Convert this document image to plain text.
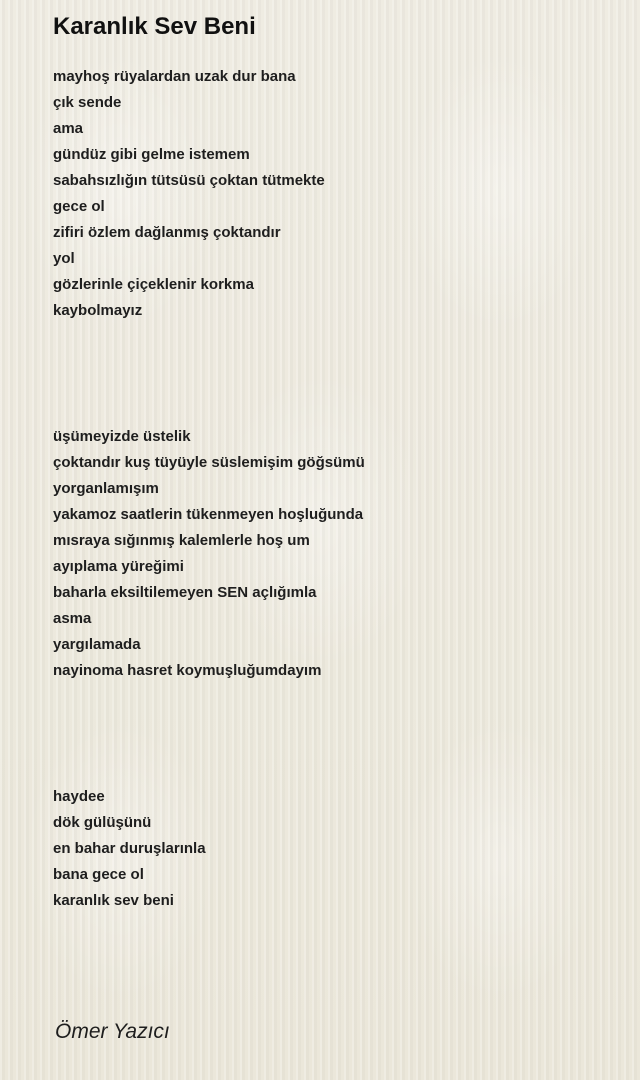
Karanlık Sev Beni
mayhoş rüyalardan uzak dur bana
çık sende
ama
gündüz gibi gelme istemem
sabahsızlığın tütsüsü çoktan tütmekte
gece ol
zifiri özlem dağlanmış çoktandır
yol
gözlerinle çiçeklenir korkma
kaybolmayız
üşümeyizde üstelik
çoktandır kuş tüyüyle süslemişim göğsümü
yorganlamışım
yakamoz saatlerin tükenmeyen hoşluğunda
mısraya sığınmış kalemlerle hoş um
ayıplama yüreğimi
baharla eksiltilemeyen SEN açlığımla
asma
yargılamada
nayinoma hasret koymuşluğumdayım
haydee
dök gülüşünü
en bahar duruşlarınla
bana gece ol
karanlık sev beni
Ömer Yazıcı
